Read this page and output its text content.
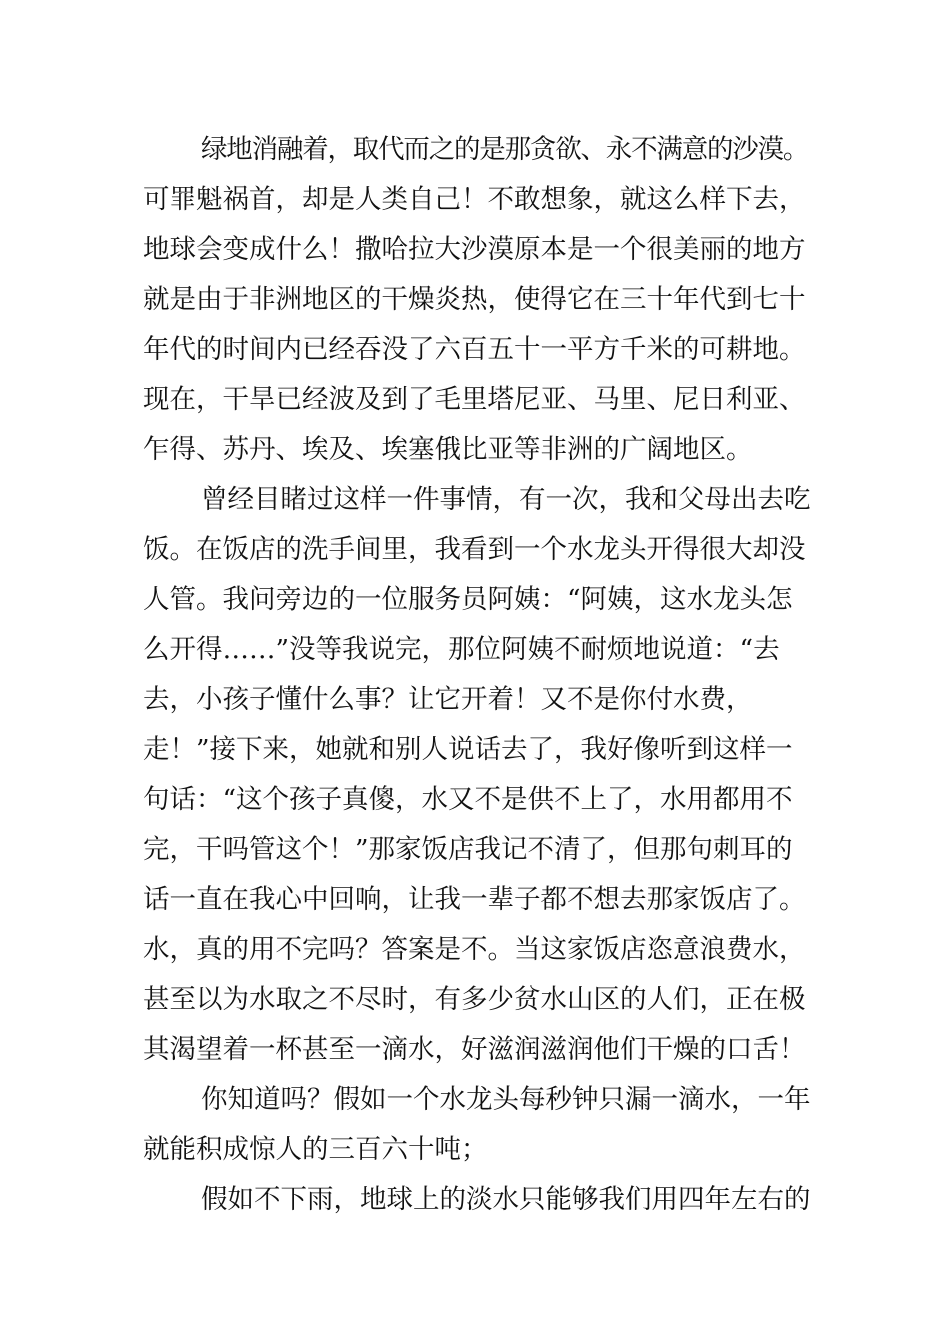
绿地消融着，取代而之的是那贪欲、永不满意的沙漠。
可罪魁祸首，却是人类自己！不敢想象，就这么样下去，
地球会变成什么！撒哈拉大沙漠原本是一个很美丽的地方
就是由于非洲地区的干燥炎热，使得它在三十年代到七十
年代的时间内已经吞没了六百五十一平方千米的可耕地。
现在，干旱已经波及到了毛里塔尼亚、马里、尼日利亚、
乍得、苏丹、埃及、埃塞俄比亚等非洲的广阔地区。
曾经目睹过这样一件事情，有一次，我和父母出去吃
饭。在饭店的洗手间里，我看到一个水龙头开得很大却没
人管。我问旁边的一位服务员阿姨：“阿姨，这水龙头怎
么开得……”没等我说完，那位阿姨不耐烦地说道：“去
去，小孩子懂什么事？让它开着！又不是你付水费，
走！”接下来，她就和别人说话去了，我好像听到这样一
句话：“这个孩子真傻，水又不是供不上了，水用都用不
完，干吗管这个！”那家饭店我记不清了，但那句刺耳的
话一直在我心中回响，让我一辈子都不想去那家饭店了。
水，真的用不完吗？答案是不。当这家饭店恣意浪费水，
甚至以为水取之不尽时，有多少贫水山区的人们，正在极
其渴望着一杯甚至一滴水，好滋润滋润他们干燥的口舌！
你知道吗？假如一个水龙头每秒钟只漏一滴水，一年
就能积成惊人的三百六十吨；
假如不下雨，地球上的淡水只能够我们用四年左右的
